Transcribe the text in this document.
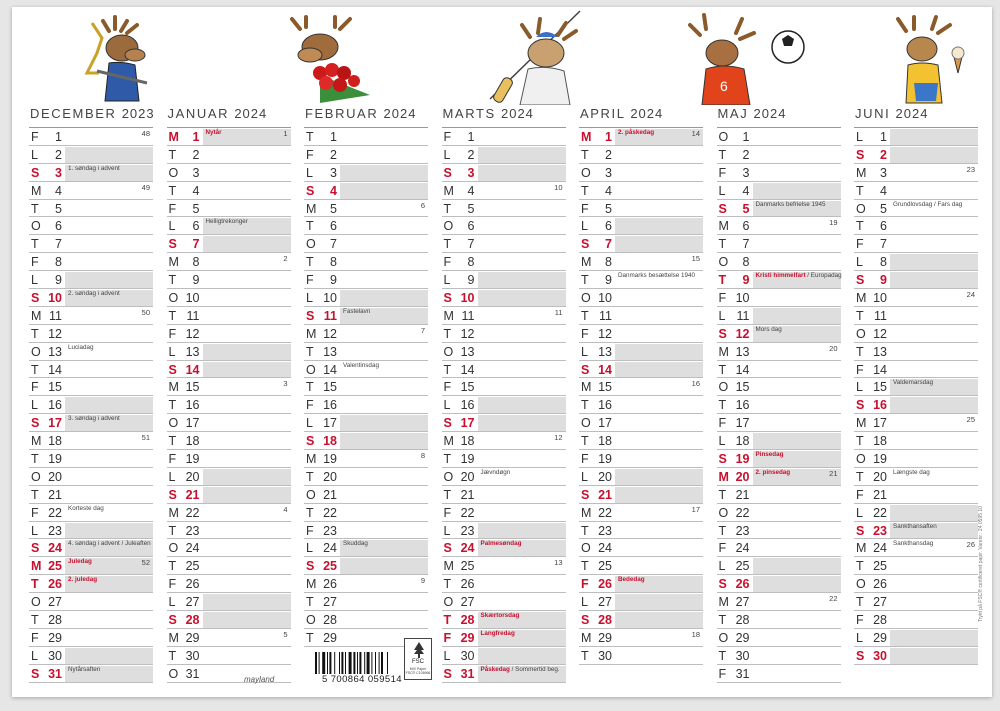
6
DECEMBER 2023
F	1	48
L	2
S	3 1. søndag i advent
M	4	49
T	5
O	6
T	7
F	8
L	9
S 10 2. søndag i advent
M 11	50
T 12
O 13 Luciadag
T 14
F 15
L 16
S 17 3. søndag i advent
M 18	51
T 19
O 20
T 21
F 22 Korteste dag
L 23
S 24 4. søndag i advent / Juleaften
M 25 Juledag	52
T 26 2. juledag
O 27
T 28
F 29
L 30
S 31 Nytårsaften
JANUAR 2024
M	1 Nytår	1
T	2
O	3
T	4
F	5
L	6 Helligtrekonger
S	7
M	8	2
T	9
O 10
T 11
F 12
L 13
S 14
M 15	3
T 16
O 17
T 18
F 19
L 20
S 21
M 22	4
T 23
O 24
T 25
F 26
L 27
S 28
M 29	5
T 30
O 31
FEBRUAR 2024
T	1
F	2
L	3
S	4
M	5	6
T	6
O	7
T	8
F	9
L 10
S 11 Fastelavn
M 12	7
T 13
O 14 Valentinsdag
T 15
F 16
L 17
S 18
M 19	8
T 20
O 21
T 22
F 23
L 24 Skuddag
S 25
M 26	9
T 27
O 28
T 29
MARTS 2024
F	1
L	2
S	3
M	4	10
T	5
O	6
T	7
F	8
L	9
S 10
M 11	11
T 12
O 13
T 14
F 15
L 16
S 17
M 18	12
T 19
O 20 Jævndøgn
T 21
F 22
L 23
S 24 Palmesøndag
M 25	13
T 26
O 27
T 28 Skærtorsdag
F 29 Langfredag
L 30
S 31 Påskedag / Sommertid beg.
APRIL 2024
M	1 2. påskedag	14
T	2
O	3
T	4
F	5
L	6
S	7
M	8	15
T	9 Danmarks besættelse 1940
O 10
T 11
F 12
L 13
S 14
M 15	16
T 16
O 17
T 18
F 19
L 20
S 21
M 22	17
T 23
O 24
T 25
F 26 Bededag
L 27
S 28
M 29	18
T 30
MAJ 2024
O	1
T	2
F	3
L	4
S	5 Danmarks befrielse 1945
M	6	19
T	7
O	8
T	9 Kristi himmelfart / Europadag
F 10
L 11
S 12 Mors dag
M 13	20
T 14
O 15
T 16
F 17
L 18
S 19 Pinsedag
M 20 2. pinsedag	21
T 21
O 22
T 23
F 24
L 25
S 26
M 27	22
T 28
O 29
T 30
F 31
JUNI 2024
L	1
S	2
M	3	23
T	4
O	5 Grundlovsdag / Fars dag
T	6
F	7
L	8
S	9
M 10	24
T 11
O 12
T 13
F 14
L 15 Valdemarsdag
S 16
M 17	25
T 18
O 19
T 20 Længste dag
F 21
L 22
S 23 Sankthansaften
M 24 Sankthansdag	26
T 25
O 26
T 27
F 28
L 29
S 30
mayland	5 700864 059514
FSC
MIX Paper FSC® C106966
Trykt på FSC® certificeret papir. Varenr.: 24 0595 10
